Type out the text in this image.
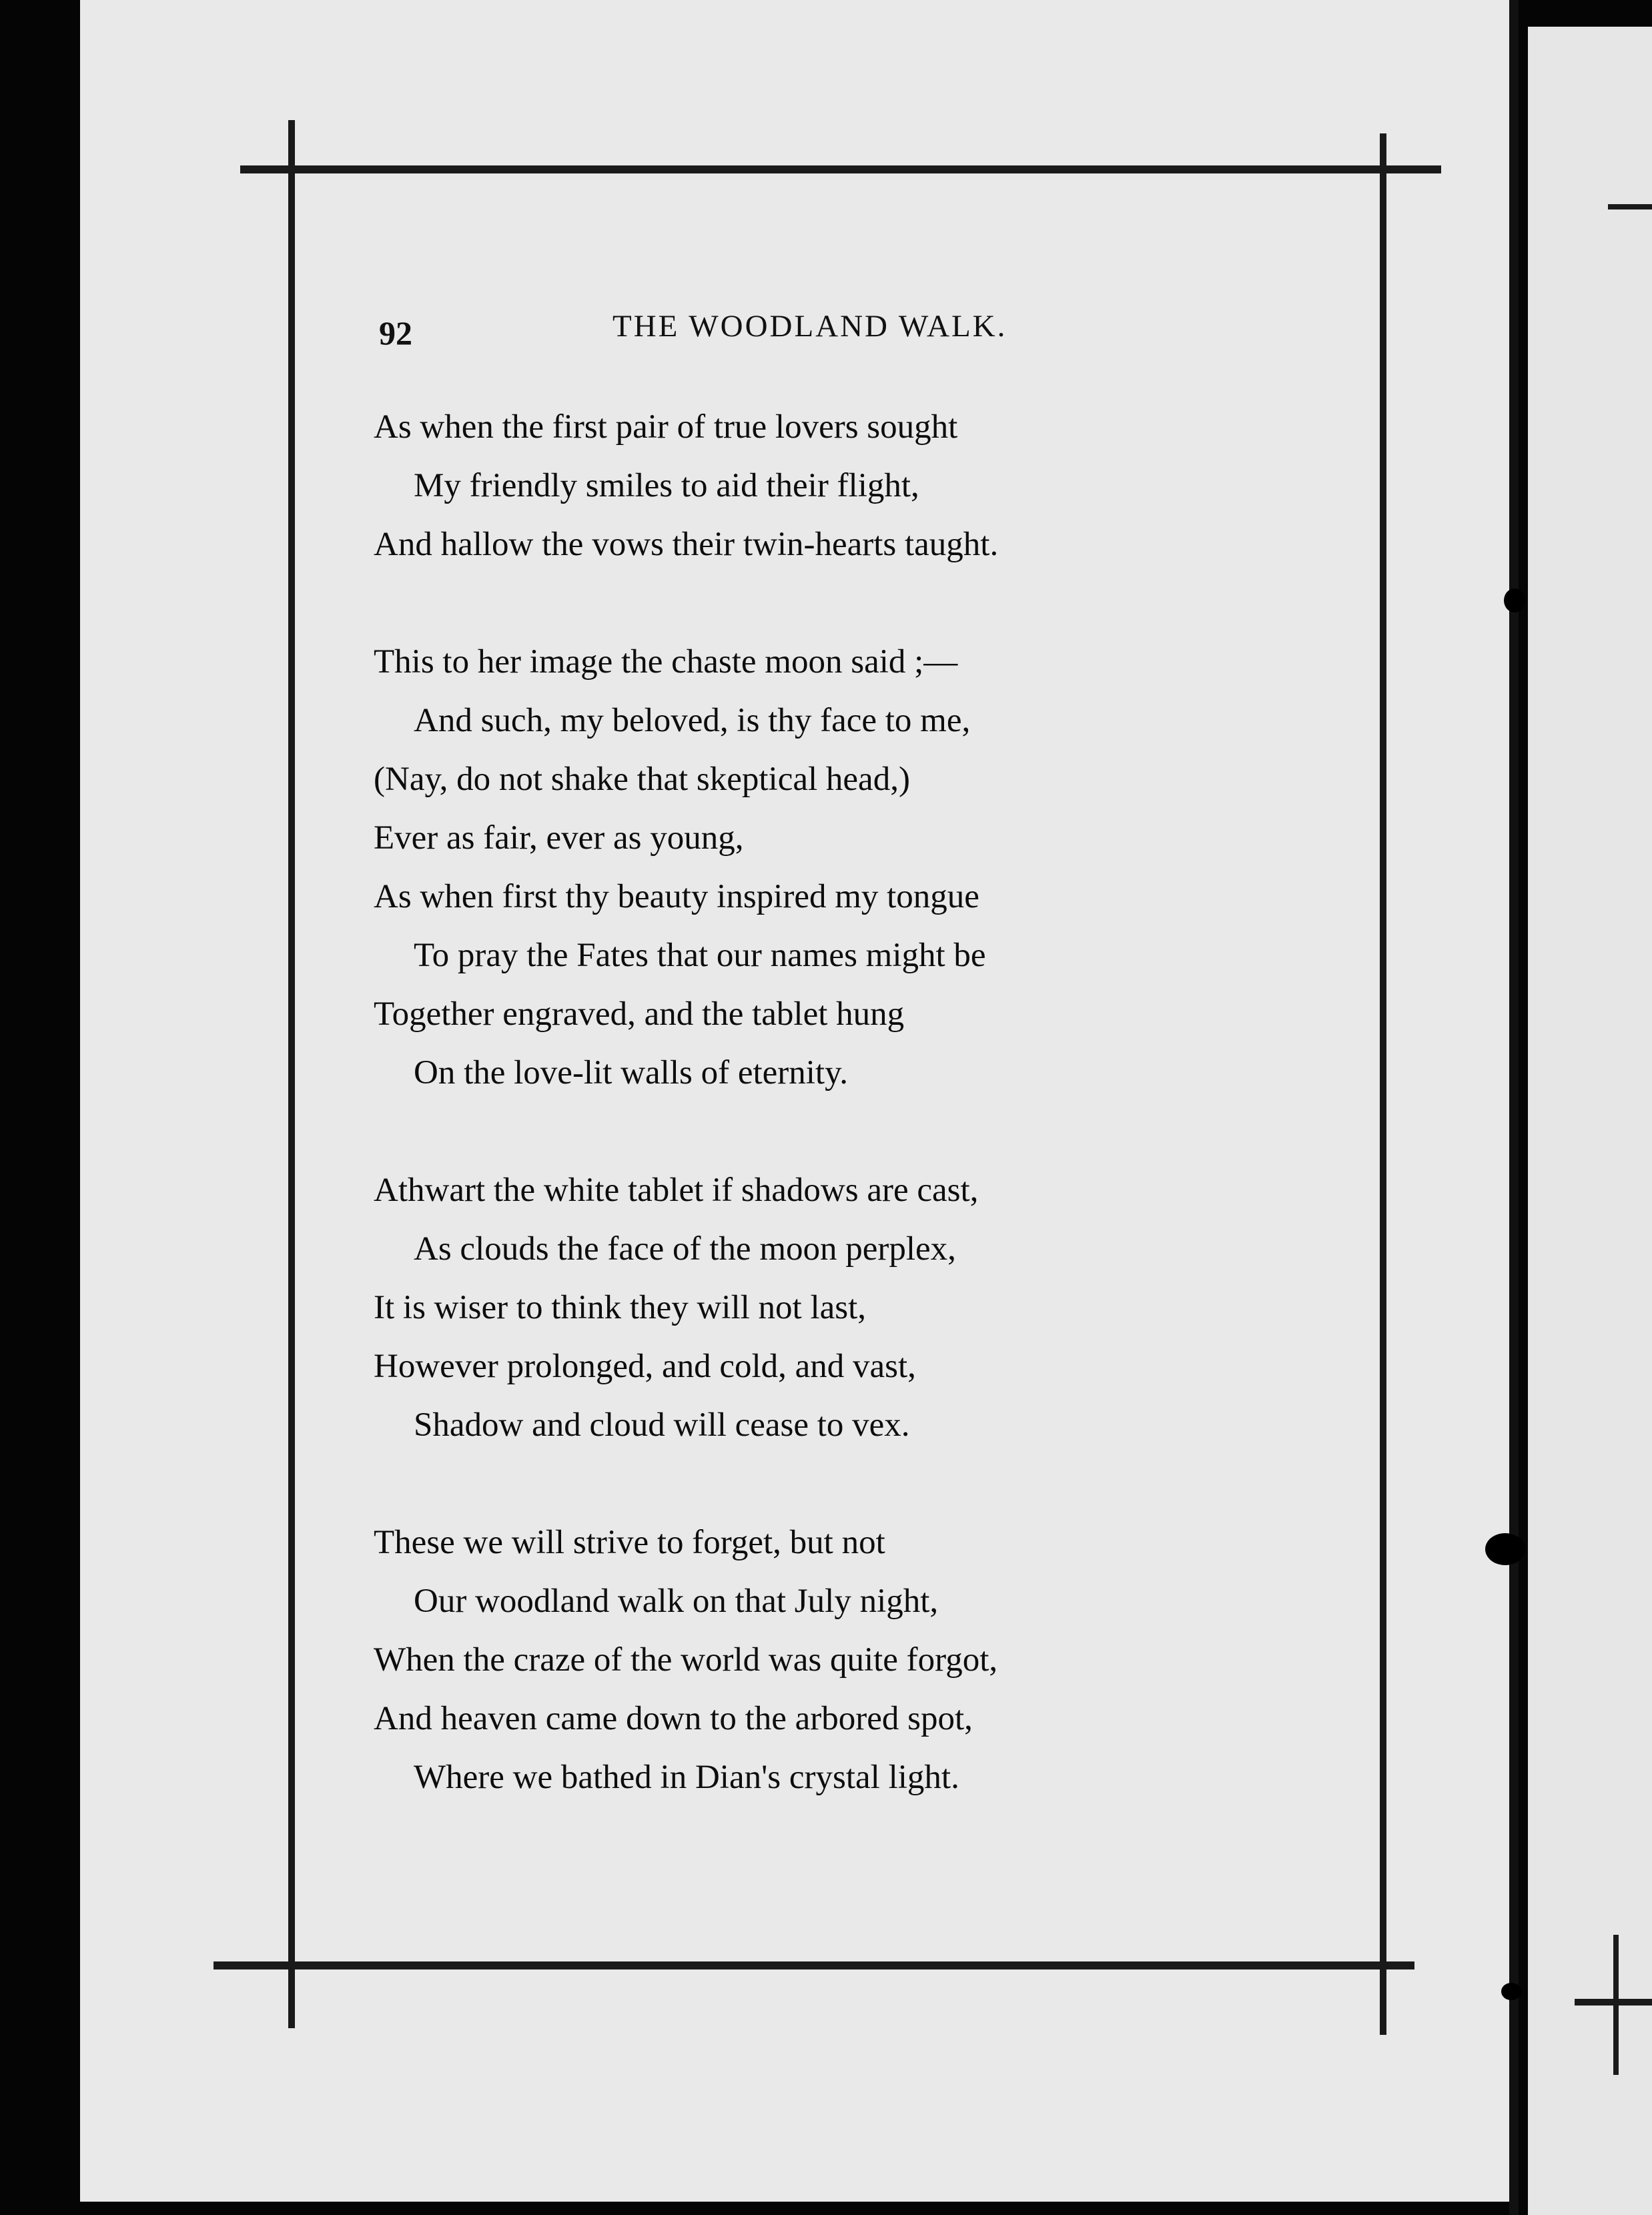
92	THE WOODLAND WALK.
As when the first pair of true lovers sought
My friendly smiles to aid their flight,
And hallow the vows their twin-hearts taught.
This to her image the chaste moon said ;—
And such, my beloved, is thy face to me,
(Nay, do not shake that skeptical head,)
Ever as fair, ever as young,
As when first thy beauty inspired my tongue
To pray the Fates that our names might be
Together engraved, and the tablet hung
On the love-lit walls of eternity.
Athwart the white tablet if shadows are cast,
As clouds the face of the moon perplex,
It is wiser to think they will not last,
However prolonged, and cold, and vast,
Shadow and cloud will cease to vex.
These we will strive to forget, but not
Our woodland walk on that July night,
When the craze of the world was quite forgot,
And heaven came down to the arbored spot,
Where we bathed in Dian's crystal light.
